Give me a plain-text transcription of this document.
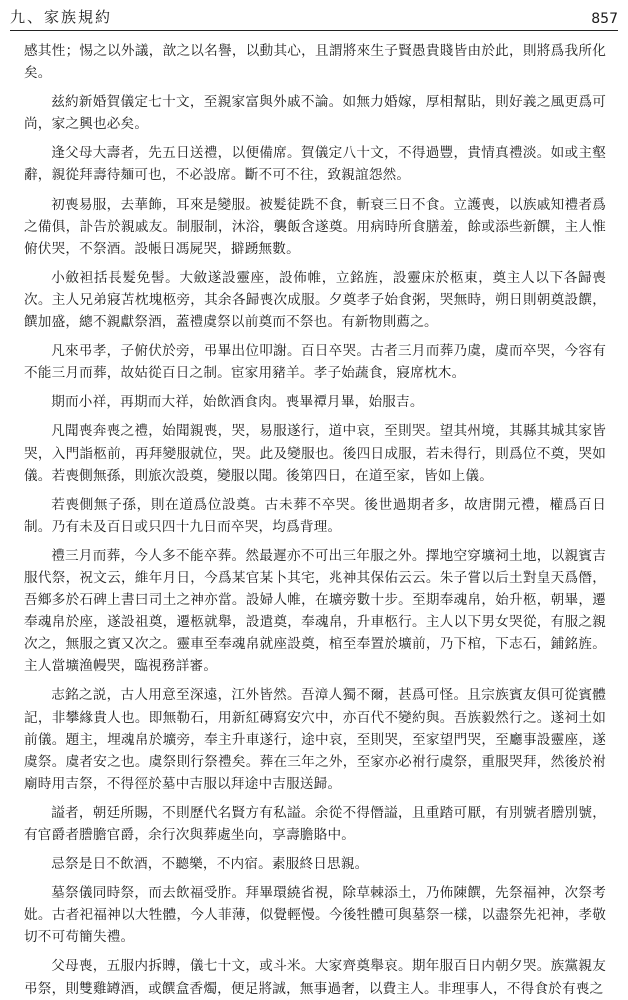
九、家族規約	857

感其性；惕之以外議，歆之以名譽，以動其心，且謂將來生子賢愚貴賤皆由於此，則將爲我所化矣。

兹約新婚賀儀定七十文，至親家富與外戚不論。如無力婚嫁，厚相幫貼，則好義之風更爲可尚，家之興也必矣。

逢父母大壽者，先五日送禮，以便備席。賀儀定八十文，不得過豐，貴情真禮淡。如或主壑辭，親從拜壽待麺可也，不必設席。斷不可不往，致親誼怨然。

初喪易服，去華飾，耳來是變服。被髮徒跣不食，斬衰三日不食。立護喪，以族戚知禮者爲之備俱，訃告於親戚友。制服制，沐浴，襲飯含遂奠。用病時所食膳羞，餘或添些新饌，主人惟俯伏哭，不祭酒。設帳日馮屍哭，擗踴無數。

小斂袒括長髮免髻。大斂遂設靈座，設佈帷，立銘旌，設靈床於柩東，奠主人以下各歸喪次。主人兄弟寢苫枕塊柩旁，其余各歸喪次成服。夕奠孝子始食粥，哭無時，朔日則朝奠設饌，饌加盛，總不親獻祭酒，蓋禮虞祭以前奠而不祭也。有新物則薦之。

凡來弔孝，子俯伏於旁，弔畢出位叩謝。百日卒哭。古者三月而葬乃虞，虞而卒哭，今容有不能三月而葬，故姑從百日之制。宦家用豬羊。孝子始蔬食，寢席枕木。

期而小祥，再期而大祥，始飲酒食肉。喪畢禫月畢，始服吉。

凡聞喪奔喪之禮，始聞親喪，哭，易服遂行，道中哀，至則哭。望其州境，其縣其城其家皆哭，入門詣柩前，再拜變服就位，哭。此及變服也。後四日成服，若未得行，則爲位不奠，哭如儀。若喪側無孫，則旅次設奠，變服以聞。後第四日，在道至家，皆如上儀。

若喪側無子孫，則在道爲位設奠。古未葬不卒哭。後世過期者多，故唐開元禮，權爲百日制。乃有未及百日或只四十九日而卒哭，均爲背理。

禮三月而葬，今人多不能卒葬。然最遲亦不可出三年服之外。擇地空穿壙祠土地，以親賓吉服代祭，祝文云，維年月日，今爲某官某卜其宅，兆神其保佑云云。朱子嘗以后土對皇天爲僭，吾鄉多於石碑上書曰司土之神亦當。設婦人帷，在壙旁數十步。至期奉魂帛，始升柩，朝畢，遷奉魂帛於座，遂設祖奠，遷柩就舉，設遣奠，奉魂帛，升車柩行。主人以下男女哭從，有服之親次之，無服之賓又次之。靈車至奉魂帛就座設奠，棺至奉置於壙前，乃下棺，下志石，鋪銘旌。主人當壙渔幔哭，臨視務詳審。

志銘之説，古人用意至深遠，江外皆然。吾漳人獨不爾，甚爲可怪。且宗族賓友俱可從賓體記，非攀緣貴人也。即無勒石，用新紅磚寫安穴中，亦百代不變約與。吾族毅然行之。遂祠土如前儀。題主，埋魂帛於壙旁，奉主升車遂行，途中哀，至則哭，至家望門哭，至廳事設靈座，遂虞祭。虞者安之也。虞祭則行祭禮矣。葬在三年之外，至家亦必祔行虞祭，重服哭拜，然後於祔廟時用吉祭，不得徑於墓中吉服以拜途中吉服送歸。

謚者，朝廷所賜，不則歷代名賢方有私謚。余從不得僭謚，且重踏可厭，有別號者謄別號，有官爵者謄膽官爵，余行次與葬處坐向，享壽膽賂中。

忌祭是日不飲酒，不聽樂，不内宿。素服終日思親。

墓祭儀同時祭，而去飲福受胙。拜畢環繞省視，除草棘添土，乃佈陳饌，先祭福神，次祭考妣。古者祀福神以大牲體，今人菲薄，似覺輕慢。今後牲體可與墓祭一樣，以盡祭先祀神，孝敬切不可苟簡失禮。

父母喪，五服内拆賻，儀七十文，或斗米。大家齊奠舉哀。期年服百日内朝夕哭。族黨親友弔祭，則雙雞罇酒，或饌盒香燭，便足將誠，無事過奢，以費主人。非理事人，不得食於有喪之
